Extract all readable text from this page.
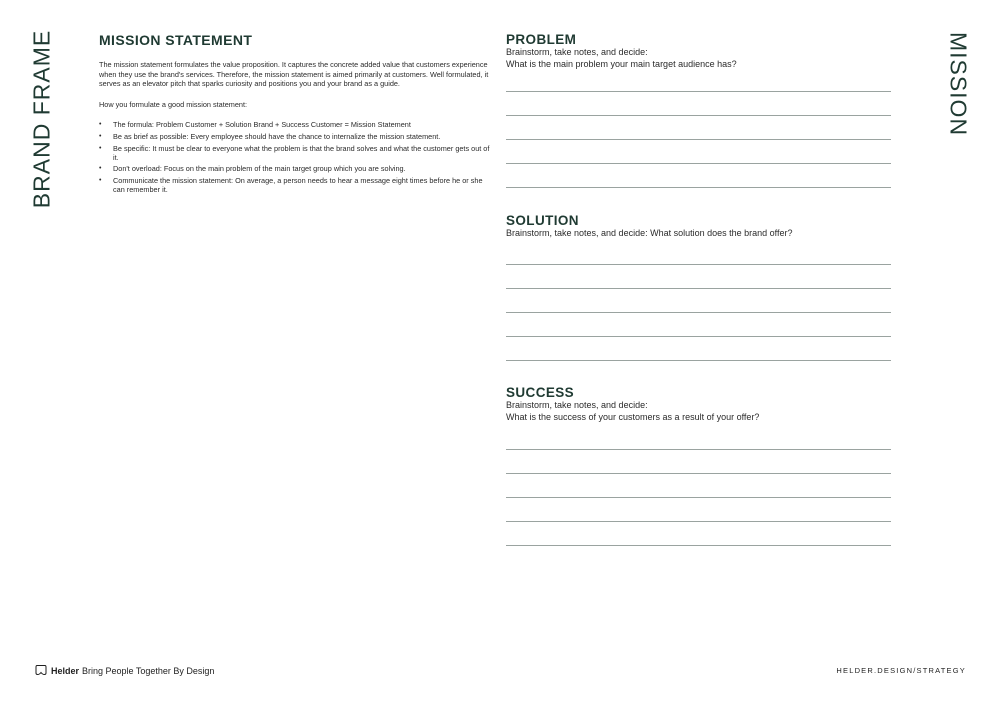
BRAND FRAME	MISSION
MISSION STATEMENT

The mission statement formulates the value proposition. It captures the concrete added value that customers experience when they use the brand's services. Therefore, the mission statement is aimed primarily at customers. Well formulated, it serves as an elevator pitch that sparks curiosity and positions you and your brand as a guide.

How you formulate a good mission statement:

• The formula: Problem Customer + Solution Brand + Success Customer = Mission Statement
• Be as brief as possible: Every employee should have the chance to internalize the mission statement.
• Be specific: It must be clear to everyone what the problem is that the brand solves and what the customer gets out of it.
• Don't overload: Focus on the main problem of the main target group which you are solving.
• Communicate the mission statement: On average, a person needs to hear a message eight times before he or she can remember it.
PROBLEM
Brainstorm, take notes, and decide:
What is the main problem your main target audience has?
SOLUTION
Brainstorm, take notes, and decide: What solution does the brand offer?
SUCCESS
Brainstorm, take notes, and decide:
What is the success of your customers as a result of your offer?
Helder Bring People Together By Design	HELDER.DESIGN/STRATEGY
